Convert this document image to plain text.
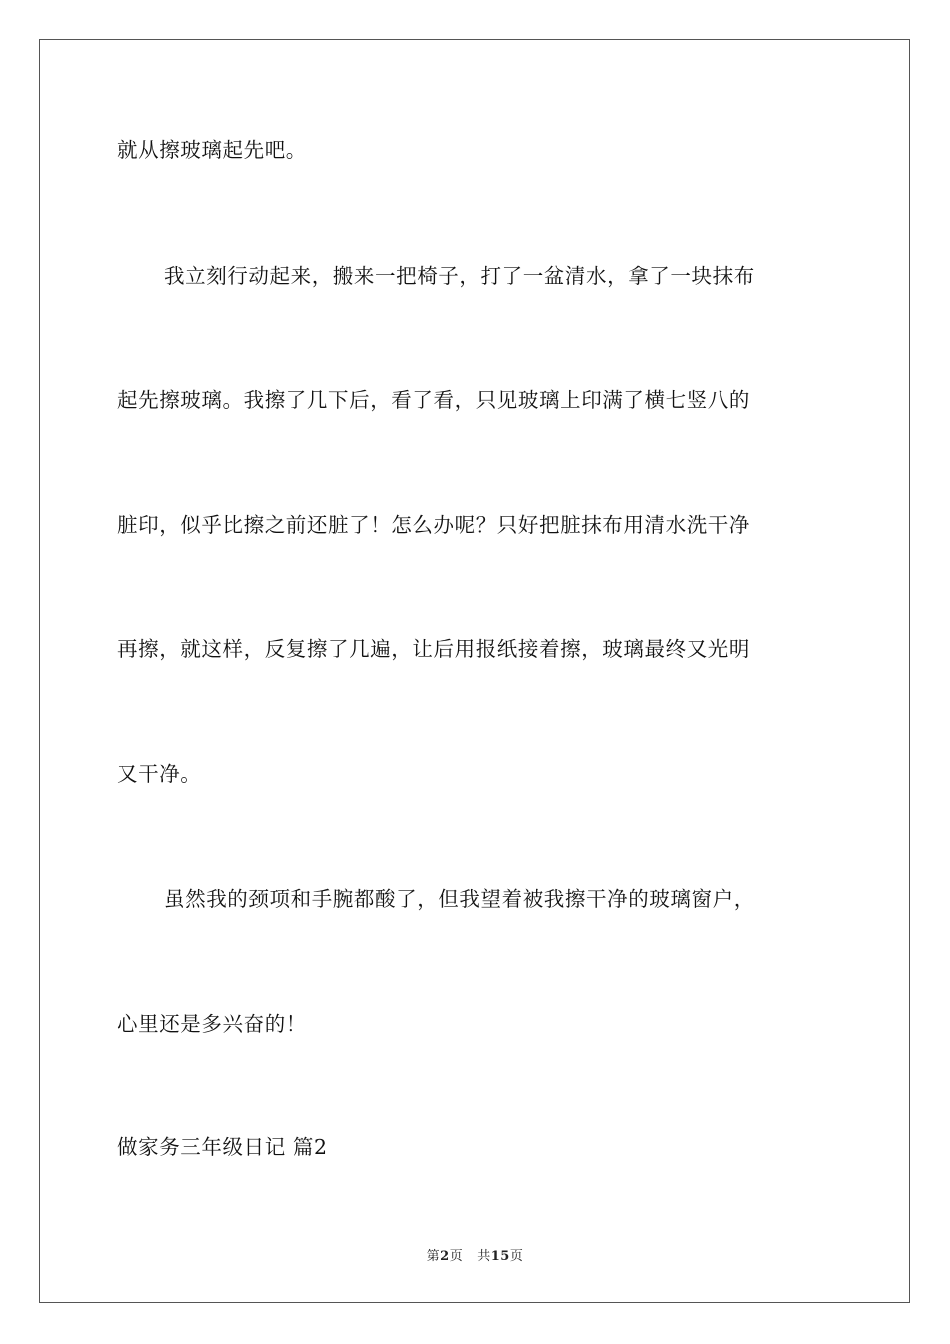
就从擦玻璃起先吧。
我立刻行动起来，搬来一把椅子，打了一盆清水，拿了一块抹布
起先擦玻璃。我擦了几下后，看了看，只见玻璃上印满了横七竖八的
脏印，似乎比擦之前还脏了！怎么办呢？只好把脏抹布用清水洗干净
再擦，就这样，反复擦了几遍，让后用报纸接着擦，玻璃最终又光明
又干净。
虽然我的颈项和手腕都酸了，但我望着被我擦干净的玻璃窗户，
心里还是多兴奋的！
做家务三年级日记 篇2
第2页 共15页
